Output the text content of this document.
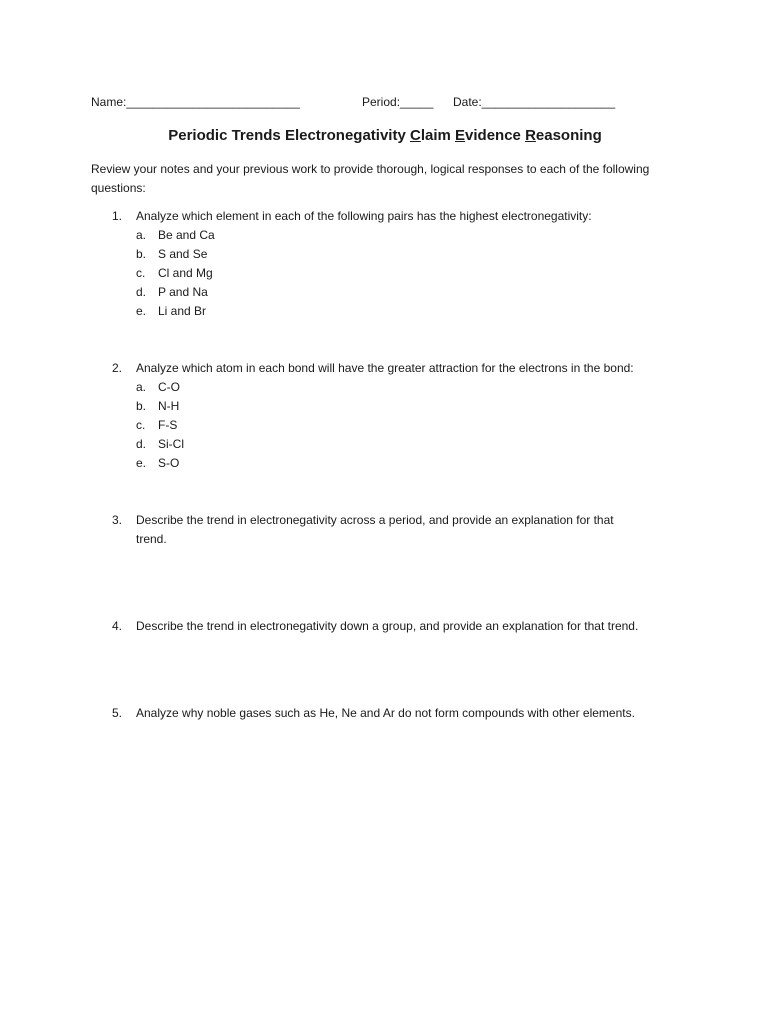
Name:__________________________	Period:_____ Date:____________________
Periodic Trends Electronegativity Claim Evidence Reasoning
Review your notes and your previous work to provide thorough, logical responses to each of the following questions:
1. Analyze which element in each of the following pairs has the highest electronegativity:
a. Be and Ca
b. S and Se
c. Cl and Mg
d. P and Na
e. Li and Br
2. Analyze which atom in each bond will have the greater attraction for the electrons in the bond:
a. C-O
b. N-H
c. F-S
d. Si-Cl
e. S-O
3. Describe the trend in electronegativity across a period, and provide an explanation for that trend.
4. Describe the trend in electronegativity down a group, and provide an explanation for that trend.
5. Analyze why noble gases such as He, Ne and Ar do not form compounds with other elements.
